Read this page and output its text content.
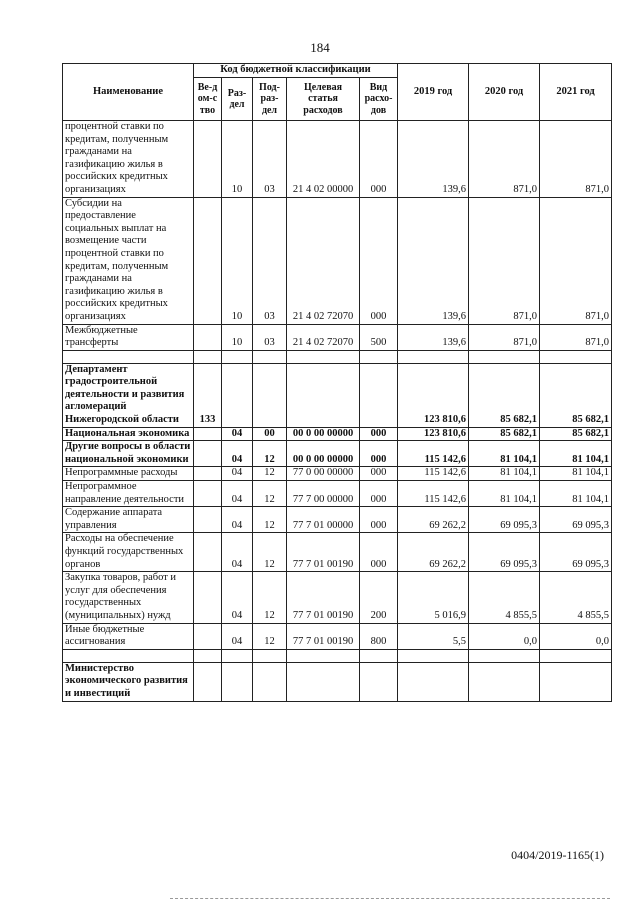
184
Наименование	Код бюджетной классификации					2019 год	2020 год	2021 год
	Ве-дом-ство	Раз-дел	Под-раз-дел	Целевая статья расходов	Вид расхо-дов			
процентной ставки по кредитам, полученным гражданами на газификацию жилья в российских кредитных организациях		10	03	21 4 02 00000	000	139,6	871,0	871,0
Субсидии на предоставление социальных выплат на возмещение части процентной ставки по кредитам, полученным гражданами на газификацию жилья в российских кредитных организациях		10	03	21 4 02 72070	000	139,6	871,0	871,0
Межбюджетные трансферты		10	03	21 4 02 72070	500	139,6	871,0	871,0

Департамент градостроительной деятельности и развития агломераций Нижегородской области	133					123 810,6	85 682,1	85 682,1
Национальная экономика		04	00	00 0 00 00000	000	123 810,6	85 682,1	85 682,1
Другие вопросы в области национальной экономики		04	12	00 0 00 00000	000	115 142,6	81 104,1	81 104,1
Непрограммные расходы		04	12	77 0 00 00000	000	115 142,6	81 104,1	81 104,1
Непрограммное направление деятельности		04	12	77 7 00 00000	000	115 142,6	81 104,1	81 104,1
Содержание аппарата управления		04	12	77 7 01 00000	000	69 262,2	69 095,3	69 095,3
Расходы на обеспечение функций государственных органов		04	12	77 7 01 00190	000	69 262,2	69 095,3	69 095,3
Закупка товаров, работ и услуг для обеспечения государственных (муниципальных) нужд		04	12	77 7 01 00190	200	5 016,9	4 855,5	4 855,5
Иные бюджетные ассигнования		04	12	77 7 01 00190	800	5,5	0,0	0,0

Министерство экономического развития и инвестиций								
0404/2019-1165(1)
